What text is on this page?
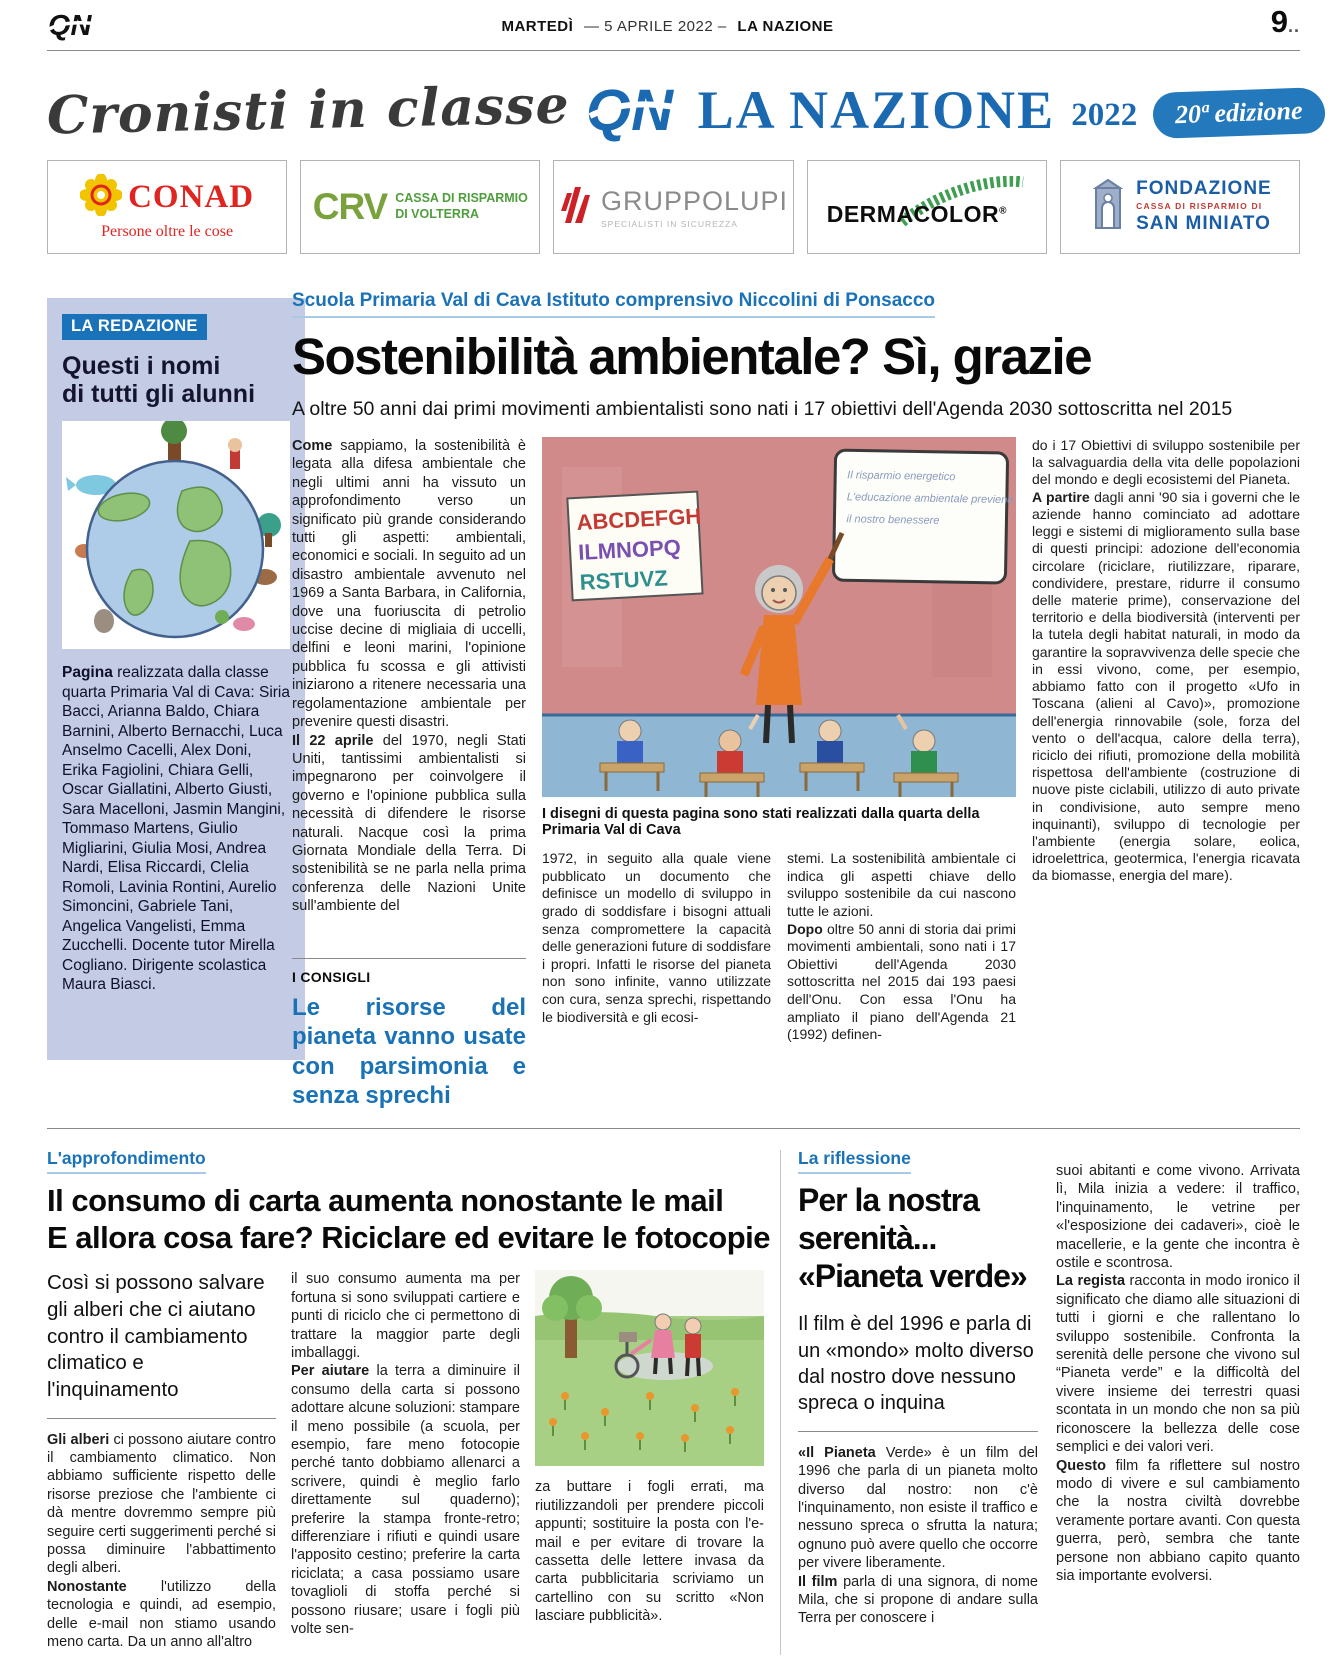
QN	MARTEDÌ — 5 APRILE 2022 – LA NAZIONE	9..
Cronisti in classe QN LA NAZIONE 2022	20ª edizione
CONAD
Persone oltre le cose
CRV CASSA DI RISPARMIO
DI VOLTERRA	GRUPPOLUPI
SPECIALISTI IN SICUREZZA	DERMACOLOR®
FONDAZIONE
CASSA DI RISPARMIO DI
SAN MINIATO
LA REDAZIONE
Questi i nomi
di tutti gli alunni
Pagina realizzata dalla classe quarta Primaria Val di Cava: Siria Bacci, Arianna Baldo, Chiara Barnini, Alberto Bernacchi, Luca Anselmo Cacelli, Alex Doni, Erika Fagiolini, Chiara Gelli, Oscar Giallatini, Alberto Giusti, Sara Macelloni, Jasmin Mangini, Tommaso Martens, Giulio Migliarini, Giulia Mosi, Andrea Nardi, Elisa Riccardi, Clelia Romoli, Lavinia Rontini, Aurelio Simoncini, Gabriele Tani, Angelica Vangelisti, Emma Zucchelli. Docente tutor Mirella Cogliano. Dirigente scolastica Maura Biasci.
Scuola Primaria Val di Cava Istituto comprensivo Niccolini di Ponsacco
Sostenibilità ambientale? Sì, grazie
A oltre 50 anni dai primi movimenti ambientalisti sono nati i 17 obiettivi dell'Agenda 2030 sottoscritta nel 2015

Come sappiamo, la sostenibilità è legata alla difesa ambientale che negli ultimi anni ha vissuto un approfondimento verso un significato più grande considerando tutti gli aspetti: ambientali, economici e sociali. In seguito ad un disastro ambientale avvenuto nel 1969 a Santa Barbara, in California, dove una fuoriuscita di petrolio uccise decine di migliaia di uccelli, delfini e leoni marini, l'opinione pubblica fu scossa e gli attivisti iniziarono a ritenere necessaria una regolamentazione ambientale per prevenire questi disastri.

Il 22 aprile del 1970, negli Stati Uniti, tantissimi ambientalisti si impegnarono per coinvolgere il governo e l'opinione pubblica sulla necessità di difendere le risorse naturali. Nacque così la prima Giornata Mondiale della Terra. Di sostenibilità se ne parla nella prima conferenza delle Nazioni Unite sull'ambiente del

I CONSIGLI
Le risorse del pianeta vanno usate con parsimonia e senza sprechi
ABCDEFGH
ILMNOPQ
RSTUVZ
Il risparmio energetico
L'educazione ambientale previene
il nostro benessere
I disegni di questa pagina sono stati realizzati dalla quarta della Primaria Val di Cava

1972, in seguito alla quale viene pubblicato un documento che definisce un modello di sviluppo in grado di soddisfare i bisogni attuali senza compromettere la capacità delle generazioni future di soddisfare i propri. Infatti le risorse del pianeta non sono infinite, vanno utilizzate con cura, senza sprechi, rispettando le biodiversità e gli ecosi-

stemi. La sostenibilità ambientale ci indica gli aspetti chiave dello sviluppo sostenibile da cui nascono tutte le azioni.

Dopo oltre 50 anni di storia dai primi movimenti ambientali, sono nati i 17 Obiettivi dell'Agenda 2030 sottoscritta nel 2015 dai 193 paesi dell'Onu. Con essa l'Onu ha ampliato il piano dell'Agenda 21 (1992) definen-

do i 17 Obiettivi di sviluppo sostenibile per la salvaguardia della vita delle popolazioni del mondo e degli ecosistemi del Pianeta.

A partire dagli anni '90 sia i governi che le aziende hanno cominciato ad adottare leggi e sistemi di miglioramento sulla base di questi principi: adozione dell'economia circolare (riciclare, riutilizzare, riparare, condividere, prestare, ridurre il consumo delle materie prime), conservazione del territorio e della biodiversità (interventi per la tutela degli habitat naturali, in modo da garantire la sopravvivenza delle specie che in essi vivono, come, per esempio, abbiamo fatto con il progetto «Ufo in Toscana (alieni al Cavo)», promozione dell'energia rinnovabile (sole, forza del vento o dell'acqua, calore della terra), riciclo dei rifiuti, promozione della mobilità rispettosa dell'ambiente (costruzione di nuove piste ciclabili, utilizzo di auto private in condivisione, auto sempre meno inquinanti), sviluppo di tecnologie per l'ambiente (energia solare, eolica, idroelettrica, geotermica, l'energia ricavata da biomasse, energia del mare).

L'approfondimento
Il consumo di carta aumenta nonostante le mail
E allora cosa fare? Riciclare ed evitare le fotocopie
Così si possono salvare gli alberi che ci aiutano contro il cambiamento climatico e l'inquinamento

Gli alberi ci possono aiutare contro il cambiamento climatico. Non abbiamo sufficiente rispetto delle risorse preziose che l'ambiente ci dà mentre dovremmo sempre più seguire certi suggerimenti perché si possa diminuire l'abbattimento degli alberi.

Nonostante l'utilizzo della tecnologia e quindi, ad esempio, delle e-mail non stiamo usando meno carta. Da un anno all'altro

il suo consumo aumenta ma per fortuna si sono sviluppati cartiere e punti di riciclo che ci permettono di trattare la maggior parte degli imballaggi.

Per aiutare la terra a diminuire il consumo della carta si possono adottare alcune soluzioni: stampare il meno possibile (a scuola, per esempio, fare meno fotocopie perché tanto dobbiamo allenarci a scrivere, quindi è meglio farlo direttamente sul quaderno); preferire la stampa fronte-retro; differenziare i rifiuti e quindi usare l'apposito cestino; preferire la carta riciclata; a casa possiamo usare tovaglioli di stoffa perché si possono riusare; usare i fogli più volte sen-

za buttare i fogli errati, ma riutilizzandoli per prendere piccoli appunti; sostituire la posta con l'e-mail e per evitare di trovare la cassetta delle lettere invasa da carta pubblicitaria scriviamo un cartellino con su scritto «Non lasciare pubblicità».

La riflessione
Per la nostra
serenità...
«Pianeta verde»
Il film è del 1996 e parla di un «mondo» molto diverso dal nostro dove nessuno spreca o inquina

«Il Pianeta Verde» è un film del 1996 che parla di un pianeta molto diverso dal nostro: non c'è l'inquinamento, non esiste il traffico e nessuno spreca o sfrutta la natura; ognuno può avere quello che occorre per vivere liberamente.

Il film parla di una signora, di nome Mila, che si propone di andare sulla Terra per conoscere i

suoi abitanti e come vivono. Arrivata lì, Mila inizia a vedere: il traffico, l'inquinamento, le vetrine per «l'esposizione dei cadaveri», cioè le macellerie, e la gente che incontra è ostile e scontrosa.

La regista racconta in modo ironico il significato che diamo alle situazioni di tutti i giorni e che rallentano lo sviluppo sostenibile. Confronta la serenità delle persone che vivono sul “Pianeta verde” e la difficoltà del vivere insieme dei terrestri quasi scontata in un mondo che non sa più riconoscere la bellezza delle cose semplici e dei valori veri.

Questo film fa riflettere sul nostro modo di vivere e sul cambiamento che la nostra civiltà dovrebbe veramente portare avanti. Con questa guerra, però, sembra che tante persone non abbiano capito quanto sia importante evolversi.
